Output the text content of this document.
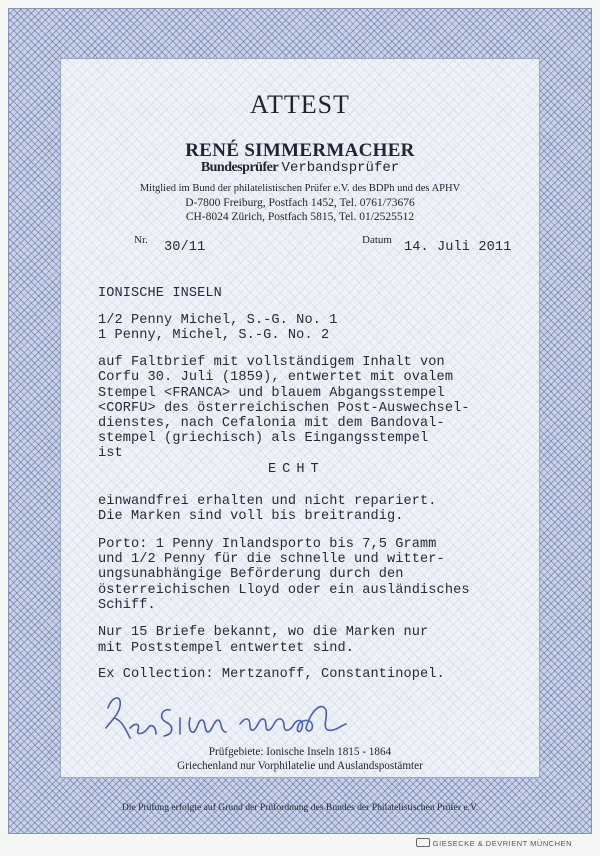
ATTEST
RENÉ SIMMERMACHER
Bundesprüfer Verbandsprüfer
Mitglied im Bund der philatelistischen Prüfer e.V. des BDPh und des APHV
D-7800 Freiburg, Postfach 1452, Tel. 0761/73676
CH-8024 Zürich, Postfach 5815, Tel. 01/2525512
Nr. 30/11	Datum 14. Juli 2011
IONISCHE INSELN
1/2 Penny Michel, S.-G. No. 1
1 Penny, Michel, S.-G. No. 2
auf Faltbrief mit vollständigem Inhalt von
Corfu 30. Juli (1859), entwertet mit ovalem
Stempel <FRANCA> und blauem Abgangsstempel
<CORFU> des österreichischen Post-Auswechsel-
dienstes, nach Cefalonia mit dem Bandoval-
stempel (griechisch) als Eingangsstempel
ist
ECHT
einwandfrei erhalten und nicht repariert.
Die Marken sind voll bis breitrandig.
Porto: 1 Penny Inlandsporto bis 7,5 Gramm
und 1/2 Penny für die schnelle und witter-
ungsunabhängige Beförderung durch den
österreichischen Lloyd oder ein ausländisches
Schiff.
Nur 15 Briefe bekannt, wo die Marken nur
mit Poststempel entwertet sind.
Ex Collection: Mertzanoff, Constantinopel.
Prüfgebiete: Ionische Inseln 1815 - 1864
Griechenland nur Vorphilatelie und Auslandspostämter
Die Prüfung erfolgte auf Grund der Prüfordnung des Bundes der Philatelistischen Prüfer e.V.
GIESECKE & DEVRIENT MÜNCHEN
